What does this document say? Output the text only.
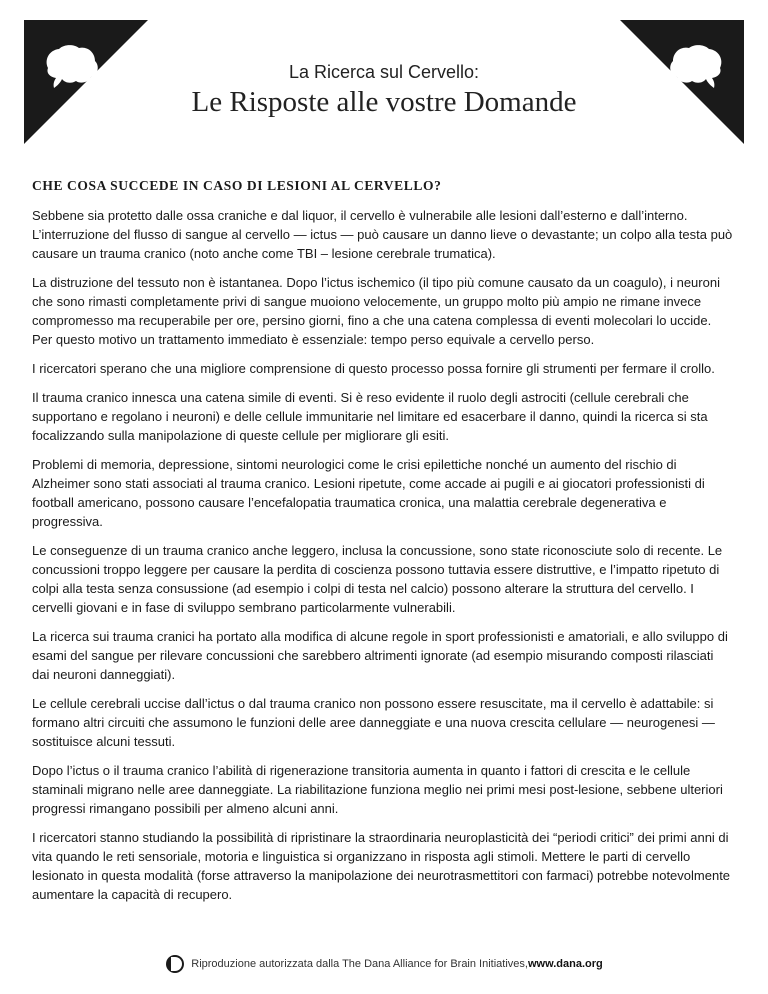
La Ricerca sul Cervello:
Le Risposte alle vostre Domande
CHE COSA SUCCEDE IN CASO DI LESIONI AL CERVELLO?

Sebbene sia protetto dalle ossa craniche e dal liquor, il cervello è vulnerabile alle lesioni dall’esterno e dall’interno. L’interruzione del flusso di sangue al cervello — ictus — può causare un danno lieve o devastante; un colpo alla testa può causare un trauma cranico (noto anche come TBI – lesione cerebrale trumatica).

La distruzione del tessuto non è istantanea. Dopo l’ictus ischemico (il tipo più comune causato da un coagulo), i neuroni che sono rimasti completamente privi di sangue muoiono velocemente, un gruppo molto più ampio ne rimane invece compromesso ma recuperabile per ore, persino giorni, fino a che una catena complessa di eventi molecolari lo uccide. Per questo motivo un trattamento immediato è essenziale: tempo perso equivale a cervello perso.

I ricercatori sperano che una migliore comprensione di questo processo possa fornire gli strumenti per fermare il crollo.

Il trauma cranico innesca una catena simile di eventi. Si è reso evidente il ruolo degli astrociti (cellule cerebrali che supportano e regolano i neuroni) e delle cellule immunitarie nel limitare ed esacerbare il danno, quindi la ricerca si sta focalizzando sulla manipolazione di queste cellule per migliorare gli esiti.

Problemi di memoria, depressione, sintomi neurologici come le crisi epilettiche nonché un aumento del rischio di Alzheimer sono stati associati al trauma cranico. Lesioni ripetute, come accade ai pugili e ai giocatori professionisti di football americano, possono causare l’encefalopatia traumatica cronica, una malattia cerebrale degenerativa e progressiva.

Le conseguenze di un trauma cranico anche leggero, inclusa la concussione, sono state riconosciute solo di recente. Le concussioni troppo leggere per causare la perdita di coscienza possono tuttavia essere distruttive, e l’impatto ripetuto di colpi alla testa senza consussione (ad esempio i colpi di testa nel calcio) possono alterare la struttura del cervello. I cervelli giovani e in fase di sviluppo sembrano particolarmente vulnerabili.

La ricerca sui trauma cranici ha portato alla modifica di alcune regole in sport professionisti e amatoriali, e allo sviluppo di esami del sangue per rilevare concussioni che sarebbero altrimenti ignorate (ad esempio misurando composti rilasciati dai neuroni danneggiati).

Le cellule cerebrali uccise dall’ictus o dal trauma cranico non possono essere resuscitate, ma il cervello è adattabile: si formano altri circuiti che assumono le funzioni delle aree danneggiate e una nuova crescita cellulare — neurogenesi — sostituisce alcuni tessuti.

Dopo l’ictus o il trauma cranico l’abilità di rigenerazione transitoria aumenta in quanto i fattori di crescita e le cellule staminali migrano nelle aree danneggiate. La riabilitazione funziona meglio nei primi mesi post-lesione, sebbene ulteriori progressi rimangano possibili per almeno alcuni anni.

I ricercatori stanno studiando la possibilità di ripristinare la straordinaria neuroplasticità dei “periodi critici” dei primi anni di vita quando le reti sensoriale, motoria e linguistica si organizzano in risposta agli stimoli. Mettere le parti di cervello lesionato in questa modalità (forse attraverso la manipolazione dei neurotrasmettitori con farmaci) potrebbe notevolmente aumentare la capacità di recupero.

Riproduzione autorizzata dalla The Dana Alliance for Brain Initiatives, www.dana.org
